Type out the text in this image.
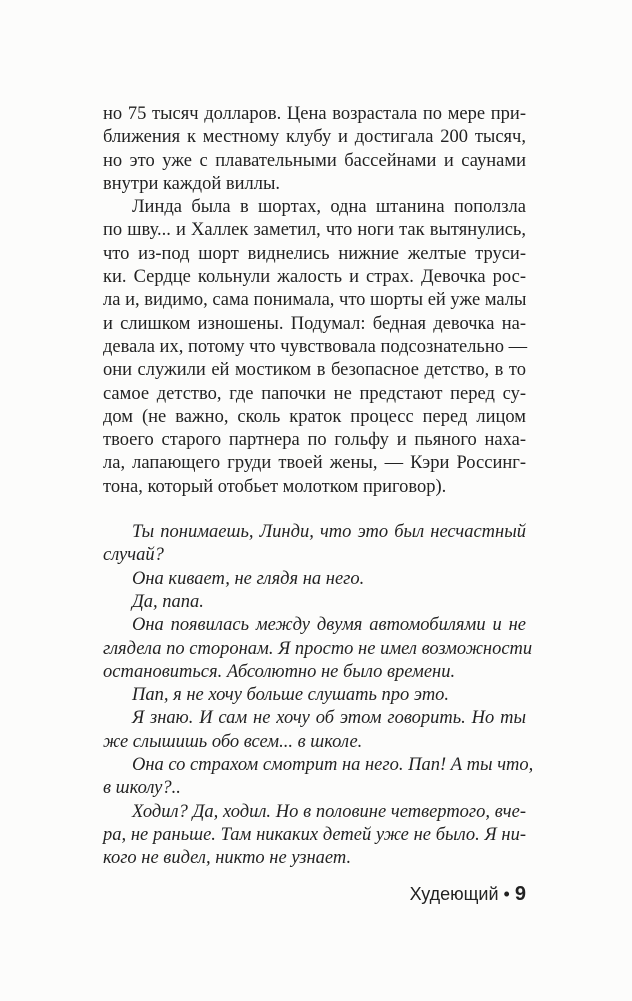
но 75 тысяч долларов. Цена возрастала по мере при-
ближения к местному клубу и достигала 200 тысяч,
но это уже с плавательными бассейнами и саунами
внутри каждой виллы.
Линда была в шортах, одна штанина поползла
по шву... и Халлек заметил, что ноги так вытянулись,
что из-под шорт виднелись нижние желтые труси-
ки. Сердце кольнули жалость и страх. Девочка рос-
ла и, видимо, сама понимала, что шорты ей уже малы
и слишком изношены. Подумал: бедная девочка на-
девала их, потому что чувствовала подсознательно —
они служили ей мостиком в безопасное детство, в то
самое детство, где папочки не предстают перед су-
дом (не важно, сколь краток процесс перед лицом
твоего старого партнера по гольфу и пьяного наха-
ла, лапающего груди твоей жены, — Кэри Россинг-
тона, который отобьет молотком приговор).
Ты понимаешь, Линди, что это был несчастный
случай?
Она кивает, не глядя на него.
Да, папа.
Она появилась между двумя автомобилями и не
глядела по сторонам. Я просто не имел возможности
остановиться. Абсолютно не было времени.
Пап, я не хочу больше слушать про это.
Я знаю. И сам не хочу об этом говорить. Но ты
же слышишь обо всем... в школе.
Она со страхом смотрит на него. Пап! А ты что,
в школу?..
Ходил? Да, ходил. Но в половине четвертого, вче-
ра, не раньше. Там никаких детей уже не было. Я ни-
кого не видел, никто не узнает.
Худеющий • 9
